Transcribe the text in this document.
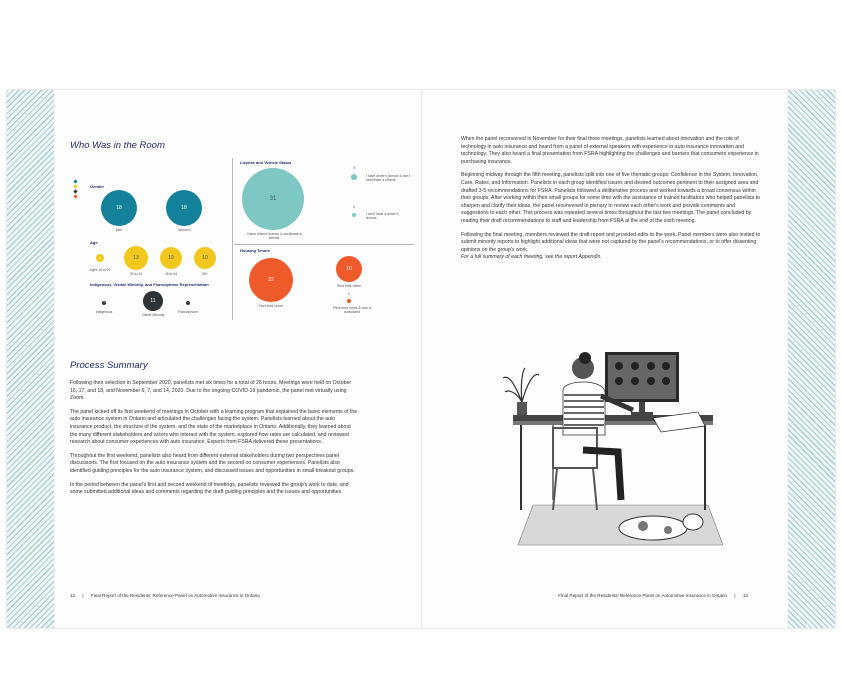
Who Was in the Room
Gender
18
Men
18
Women
Age
3
Ages 18 to 29
13
30 to 44
10
45 to 64
10
65+
Indigenous, Visible Minority, and Francophone Representation
1
Indigenous
11
Visible Minority
1
Francophone
License and Vehicle Status
31
I have driver's licence & own/lease a vehicle
3
I have driver's licence & don't own/lease a vehicle
2
I don't have a driver's licence
Housing Tenure
22
Own their home
10
Rent their home
2
Rent their home & own a subsidized
Process Summary

Following their selection in September 2020, panelists met six times for a total of 26 hours. Meetings were held on October 16, 17, and 18, and November 6, 7, and 14, 2020. Due to the ongoing COVID-19 pandemic, the panel met virtually using Zoom.

The panel kicked off its first weekend of meetings in October with a learning program that explained the basic elements of the auto insurance system in Ontario and articulated the challenges facing the system. Panelists learned about the auto insurance product, the structure of the system, and the state of the marketplace in Ontario. Additionally, they learned about the many different stakeholders and actors who interact with the system, explored how rates are calculated, and reviewed research about consumer experiences with auto insurance. Experts from FSRA delivered these presentations.

Throughout the first weekend, panelists also heard from different external stakeholders during two perspectives panel discussions. The first focused on the auto insurance system and the second on consumer experiences. Panelists also identified guiding principles for the auto insurance system, and discussed issues and opportunities in small breakout groups.

In the period between the panel's first and second weekend of meetings, panelists reviewed the group's work to date, and some submitted additional ideas and comments regarding the draft guiding principles and the issues and opportunities.

12 | Final Report of the Residents' Reference Panel on Automotive Insurance in Ontario

When the panel reconvened in November for their final three meetings, panelists learned about innovation and the role of technology in auto insurance and heard from a panel of external speakers with experience in auto insurance innovation and technology. They also heard a final presentation from FSRA highlighting the challenges and barriers that consumers experience in purchasing insurance.

Beginning midway through the fifth meeting, panelists split into one of five thematic groups: Confidence in the System, Innovation, Care, Rates, and Information. Panelists in each group identified issues and desired outcomes pertinent to their assigned area and drafted 3-5 recommendations for FSRA. Panelists followed a deliberative process and worked towards a broad consensus within their groups. After working within their small groups for some time with the assistance of trained facilitators who helped panelists to sharpen and clarify their ideas, the panel reconvened in plenary to review each other's work and provide comments and suggestions to each other. This process was repeated several times throughout the last two meetings. The panel concluded by reading their draft recommendations to staff and leadership from FSRA at the end of the sixth meeting.

Following the final meeting, members reviewed the draft report and provided edits to the work. Panel members were also invited to submit minority reports to highlight additional ideas that were not captured by the panel's recommendations, or to offer dissenting opinions on the group's work.

For a full summary of each meeting, see the report Appendix.

Final Report of the Residents' Reference Panel on Automotive Insurance in Ontario | 13
